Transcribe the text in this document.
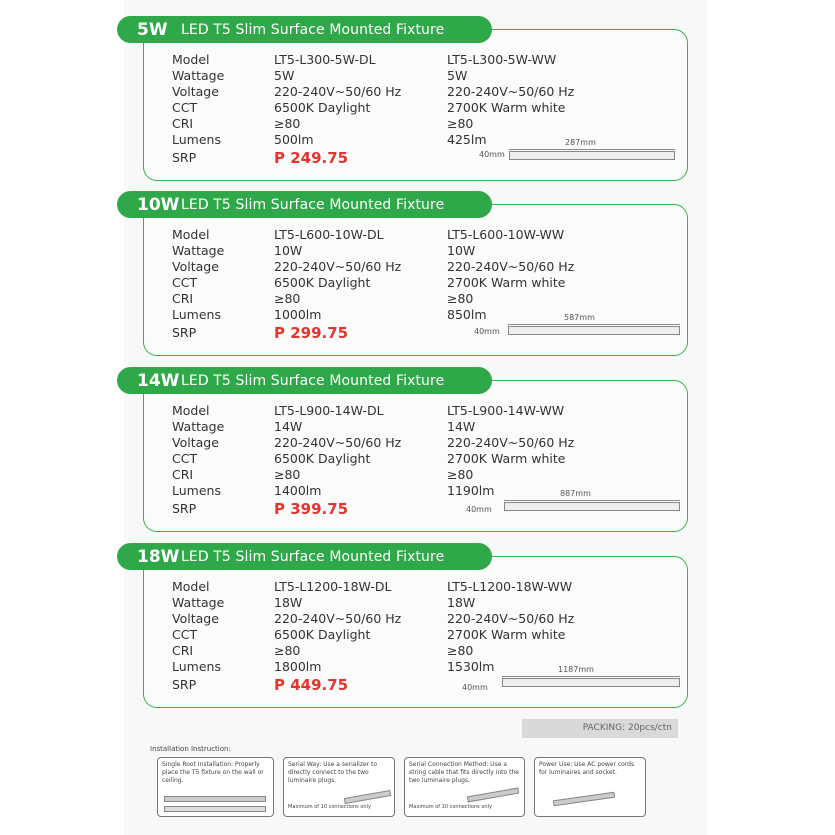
5W LED T5 Slim Surface Mounted Fixture
Model	LT5-L300-5W-DL	LT5-L300-5W-WW
Wattage	5W	5W
Voltage	220-240V~50/60 Hz	220-240V~50/60 Hz
CCT	6500K Daylight	2700K Warm white
CRI	≥80	≥80
Lumens	500lm	425lm
SRP	P 249.75
287mm
40mm
10W LED T5 Slim Surface Mounted Fixture
Model	LT5-L600-10W-DL	LT5-L600-10W-WW
Wattage	10W	10W
Voltage	220-240V~50/60 Hz	220-240V~50/60 Hz
CCT	6500K Daylight	2700K Warm white
CRI	≥80	≥80
Lumens	1000lm	850lm
SRP	P 299.75
587mm
40mm
14W LED T5 Slim Surface Mounted Fixture
Model	LT5-L900-14W-DL	LT5-L900-14W-WW
Wattage	14W	14W
Voltage	220-240V~50/60 Hz	220-240V~50/60 Hz
CCT	6500K Daylight	2700K Warm white
CRI	≥80	≥80
Lumens	1400lm	1190lm
SRP	P 399.75
887mm
40mm
18W LED T5 Slim Surface Mounted Fixture
Model	LT5-L1200-18W-DL	LT5-L1200-18W-WW
Wattage	18W	18W
Voltage	220-240V~50/60 Hz	220-240V~50/60 Hz
CCT	6500K Daylight	2700K Warm white
CRI	≥80	≥80
Lumens	1800lm	1530lm
SRP	P 449.75
1187mm
40mm
PACKING: 20pcs/ctn
Installation Instruction:
Single Root Installation: Properly place the T5 fixture on the wall or ceiling.
Serial Way: Use a serializer to directly connect to the two luminaire plugs.
Maximum of 10 connections only
Serial Connection Method: Use a string cable that fits directly into the two luminaire plugs.
Maximum of 10 connections only
Power Use: Use AC power cords for luminaires and socket.
